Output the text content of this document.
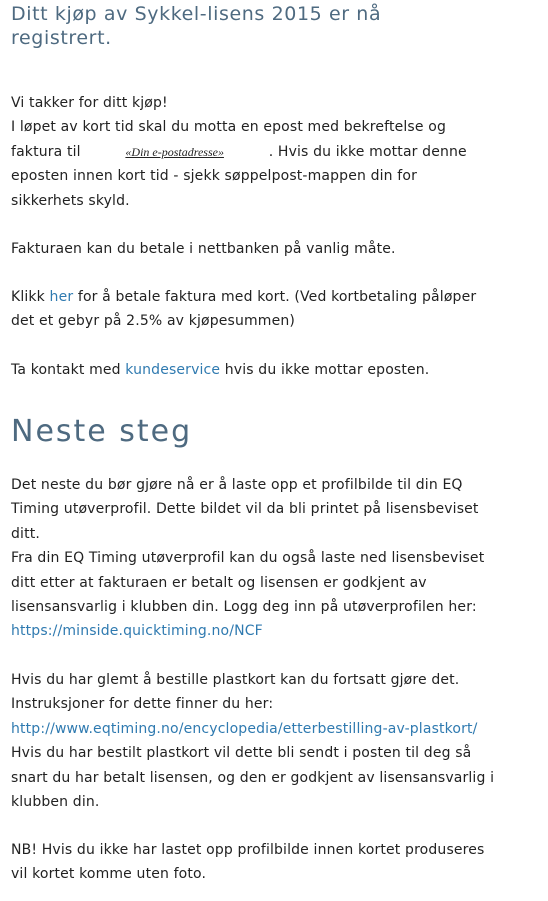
Ditt kjøp av Sykkel-lisens 2015 er nå
registrert.
Vi takker for ditt kjøp!
I løpet av kort tid skal du motta en epost med bekreftelse og
faktura til	«Din e-postadresse»	. Hvis du ikke mottar denne
eposten innen kort tid - sjekk søppelpost-mappen din for
sikkerhets skyld.
Fakturaen kan du betale i nettbanken på vanlig måte.
Klikk her for å betale faktura med kort. (Ved kortbetaling påløper
det et gebyr på 2.5% av kjøpesummen)
Ta kontakt med kundeservice hvis du ikke mottar eposten.
Neste steg
Det neste du bør gjøre nå er å laste opp et profilbilde til din EQ
Timing utøverprofil. Dette bildet vil da bli printet på lisensbeviset
ditt.
Fra din EQ Timing utøverprofil kan du også laste ned lisensbeviset
ditt etter at fakturaen er betalt og lisensen er godkjent av
lisensansvarlig i klubben din. Logg deg inn på utøverprofilen her:
https://minside.quicktiming.no/NCF
Hvis du har glemt å bestille plastkort kan du fortsatt gjøre det.
Instruksjoner for dette finner du her:
http://www.eqtiming.no/encyclopedia/etterbestilling-av-plastkort/
Hvis du har bestilt plastkort vil dette bli sendt i posten til deg så
snart du har betalt lisensen, og den er godkjent av lisensansvarlig i
klubben din.
NB! Hvis du ikke har lastet opp profilbilde innen kortet produseres
vil kortet komme uten foto.
